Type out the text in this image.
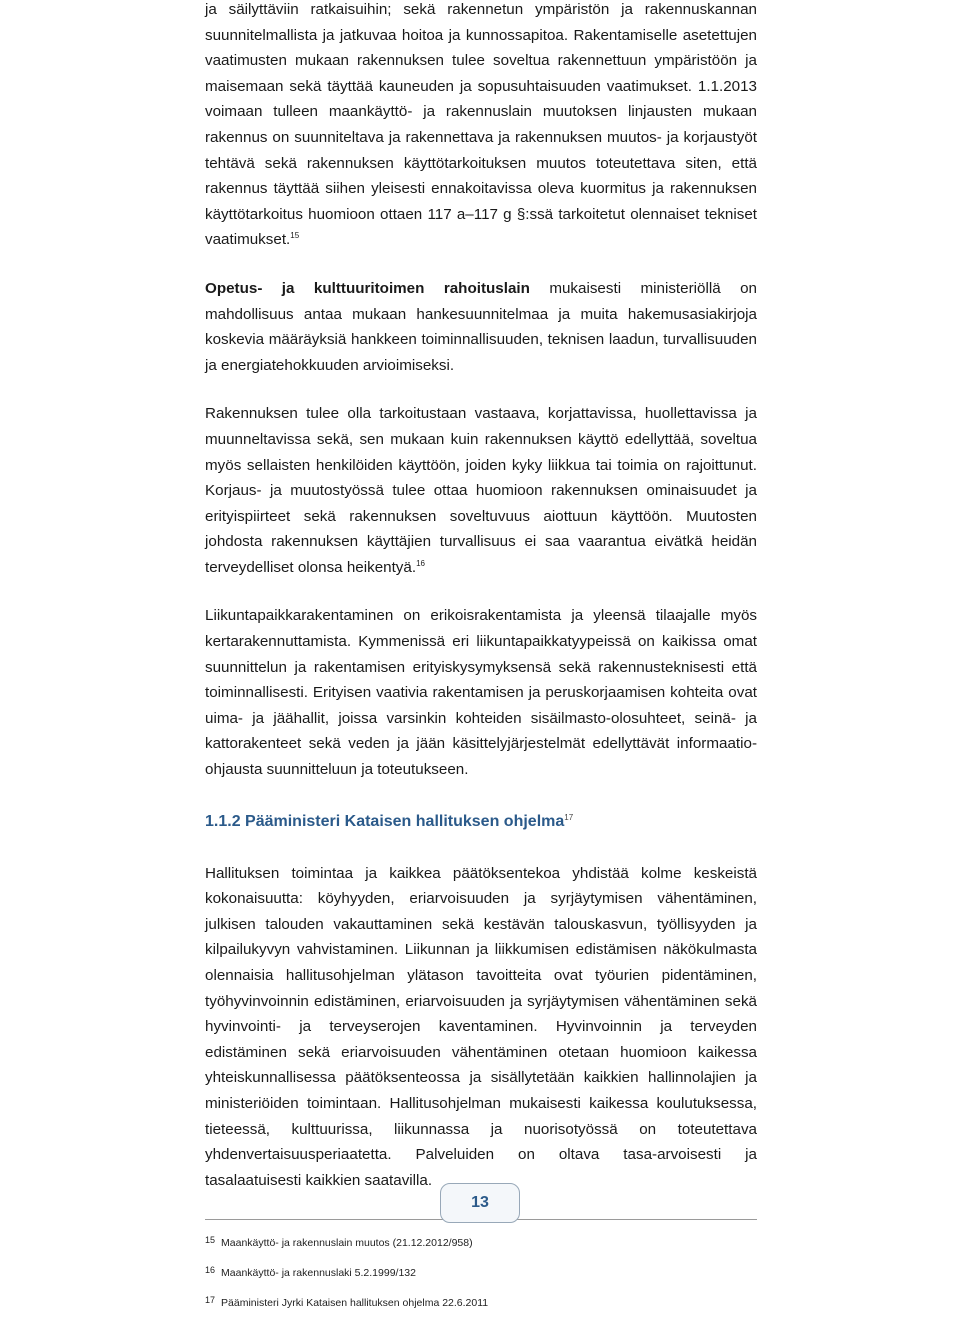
ja säilyttäviin ratkaisuihin; sekä rakennetun ympäristön ja rakennuskannan suunnitelmallista ja jatkuvaa hoitoa ja kunnossapitoa. Rakentamiselle asetettujen vaatimusten mukaan rakennuksen tulee soveltua rakennettuun ympäristöön ja maisemaan sekä täyttää kauneuden ja sopusuhtaisuuden vaatimukset. 1.1.2013 voimaan tulleen maankäyttö- ja rakennuslain muutoksen linjausten mukaan rakennus on suunniteltava ja rakennettava ja rakennuksen muutos- ja korjaustyöt tehtävä sekä rakennuksen käyttötarkoituksen muutos toteutettava siten, että rakennus täyttää siihen yleisesti ennakoitavissa oleva kuormitus ja rakennuksen käyttötarkoitus huomioon ottaen 117 a–117 g §:ssä tarkoitetut olennaiset tekniset vaatimukset.$^{15}$

Opetus- ja kulttuuritoimen rahoituslain mukaisesti ministeriöllä on mahdollisuus antaa mukaan hankesuunnitelmaa ja muita hakemusasiakirjoja koskevia määräyksiä hankkeen toiminnallisuuden, teknisen laadun, turvallisuuden ja energiatehokkuuden arvioimiseksi.

Rakennuksen tulee olla tarkoitustaan vastaava, korjattavissa, huollettavissa ja muunneltavissa sekä, sen mukaan kuin rakennuksen käyttö edellyttää, soveltua myös sellaisten henkilöiden käyttöön, joiden kyky liikkua tai toimia on rajoittunut. Korjaus- ja muutostyössä tulee ottaa huomioon rakennuksen ominaisuudet ja erityispiirteet sekä rakennuksen soveltuvuus aiottuun käyttöön. Muutosten johdosta rakennuksen käyttäjien turvallisuus ei saa vaarantua eivätkä heidän terveydelliset olonsa heikentyä.$^{16}$

Liikuntapaikkarakentaminen on erikoisrakentamista ja yleensä tilaajalle myös kertarakennuttamista. Kymmenissä eri liikuntapaikkatyypeissä on kaikissa omat suunnittelun ja rakentamisen erityiskysymyksensä sekä rakennusteknisesti että toiminnallisesti. Erityisen vaativia rakentamisen ja peruskorjaamisen kohteita ovat uima- ja jäähallit, joissa varsinkin kohteiden sisäilmasto-olosuhteet, seinä- ja kattorakenteet sekä veden ja jään käsittelyjärjestelmät edellyttävät informaatio-ohjausta suunnitteluun ja toteutukseen.

1.1.2 Pääministeri Kataisen hallituksen ohjelma$^{17}$

Hallituksen toimintaa ja kaikkea päätöksentekoa yhdistää kolme keskeistä kokonaisuutta: köyhyyden, eriarvoisuuden ja syrjäytymisen vähentäminen, julkisen talouden vakauttaminen sekä kestävän talouskasvun, työllisyyden ja kilpailukyvyn vahvistaminen. Liikunnan ja liikkumisen edistämisen näkökulmasta olennaisia hallitusohjelman ylätason tavoitteita ovat työurien pidentäminen, työhyvinvoinnin edistäminen, eriarvoisuuden ja syrjäytymisen vähentäminen sekä hyvinvointi- ja terveyserojen kaventaminen. Hyvinvoinnin ja terveyden edistäminen sekä eriarvoisuuden vähentäminen otetaan huomioon kaikessa yhteiskunnallisessa päätöksenteossa ja sisällytetään kaikkien hallinnolajien ja ministeriöiden toimintaan. Hallitusohjelman mukaisesti kaikessa koulutuksessa, tieteessä, kulttuurissa, liikunnassa ja nuorisotyössä on toteutettava yhdenvertaisuusperiaatetta. Palveluiden on oltava tasa-arvoisesti ja tasalaatuisesti kaikkien saatavilla.

15 Maankäyttö- ja rakennuslain muutos (21.12.2012/958)

16 Maankäyttö- ja rakennuslaki 5.2.1999/132

17 Pääministeri Jyrki Kataisen hallituksen ohjelma 22.6.2011

13
